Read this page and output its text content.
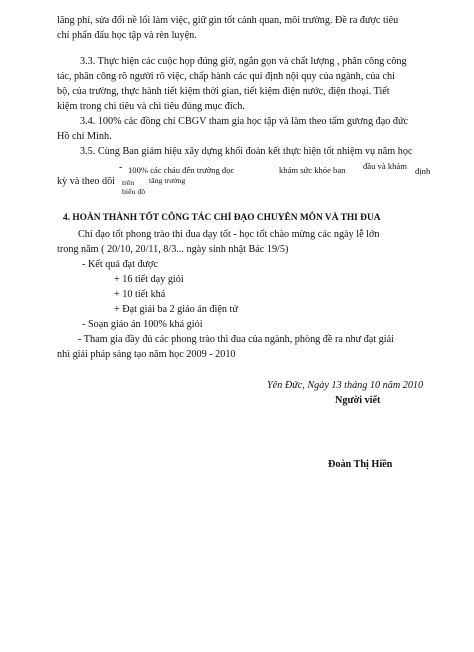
lãng phí, sửa đổi nề lối làm việc, giữ gìn tốt cảnh quan, môi trường. Đề ra được tiêu
chí phấn đấu học tập và rèn luyện.
3.3. Thực hiện các cuộc họp đúng giờ, ngắn gọn và chất lượng , phân công công
tác, phân công rõ người rõ việc, chấp hành các qui định nội quy của ngành, của chi
bộ, của trường, thực hành tiết kiệm thời gian, tiết kiệm điện nước, điện thoại. Tiết
kiệm trong chi tiêu và chi tiêu đúng mục đích.
3.4. 100% các đồng chí CBGV tham gia học tập và làm theo tấm gương đạo đức
Hồ chí Minh.
3.5. Cùng Ban giám hiệu xây dựng khối đoàn kết thực hiện tốt nhiệm vụ năm học
- 100% các cháu đến trường đọc	khám sức khỏe ban đầu và khám định
kỳ và theo dõi trên
biểu đồ
tăng trưởng
4. HOÀN THÀNH TỐT CÔNG TÁC CHỈ ĐẠO CHUYÊN MÔN VÀ THI ĐUA
Chỉ đạo tốt phong trào thi đua dạy tốt - học tốt chào mừng các ngày lễ lớn
trong năm ( 20/10, 20/11, 8/3... ngày sinh nhật Bác 19/5)
- Kết quả đạt được
+ 16 tiết dạy giỏi
+ 10 tiết khá
+ Đạt giải ba 2 giáo án điện tử
- Soạn giáo án 100% khá giỏi
- Tham gia đầy đủ các phong trào thi đua của ngành, phòng đề ra như đạt giải
nhì giải pháp sáng tạo năm học 2009 - 2010
Yên Đức, Ngày 13 tháng 10 năm 2010
Người viết
Đoàn Thị Hiền
